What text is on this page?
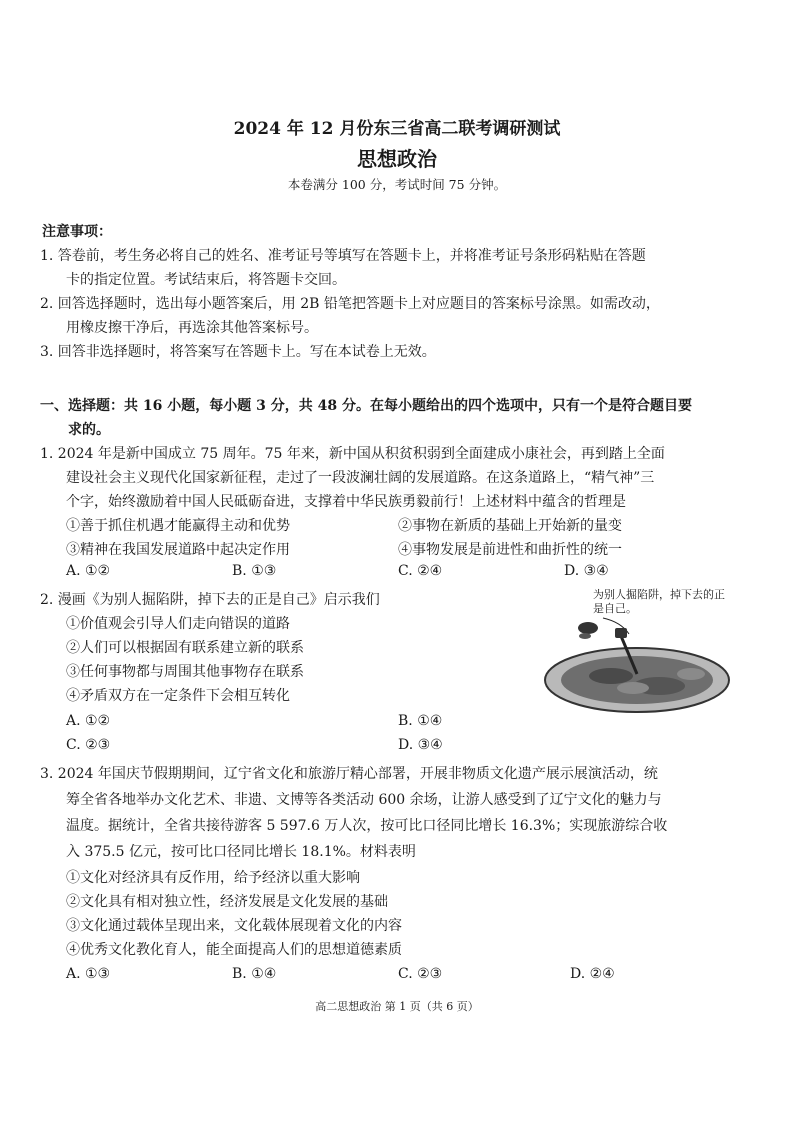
2024 年 12 月份东三省高二联考调研测试
思想政治
本卷满分 100 分，考试时间 75 分钟。
注意事项：
1. 答卷前，考生务必将自己的姓名、准考证号等填写在答题卡上，并将准考证号条形码粘贴在答题
卡的指定位置。考试结束后，将答题卡交回。
2. 回答选择题时，选出每小题答案后，用 2B 铅笔把答题卡上对应题目的答案标号涂黑。如需改动，
用橡皮擦干净后，再选涂其他答案标号。
3. 回答非选择题时，将答案写在答题卡上。写在本试卷上无效。
一、选择题：共 16 小题，每小题 3 分，共 48 分。在每小题给出的四个选项中，只有一个是符合题目要
求的。
1. 2024 年是新中国成立 75 周年。75 年来，新中国从积贫积弱到全面建成小康社会，再到踏上全面
建设社会主义现代化国家新征程，走过了一段波澜壮阔的发展道路。在这条道路上，“精气神”三
个字，始终激励着中国人民砥砺奋进，支撑着中华民族勇毅前行！上述材料中蕴含的哲理是
①善于抓住机遇才能赢得主动和优势	②事物在新质的基础上开始新的量变
③精神在我国发展道路中起决定作用	④事物发展是前进性和曲折性的统一
A. ①②	B. ①③	C. ②④	D. ③④
2. 漫画《为别人掘陷阱，掉下去的正是自己》启示我们
①价值观会引导人们走向错误的道路
②人们可以根据固有联系建立新的联系
③任何事物都与周围其他事物存在联系
④矛盾双方在一定条件下会相互转化
A. ①②	B. ①④
C. ②③	D. ③④
为别人掘陷阱，掉下去的正是自己。
3. 2024 年国庆节假期期间，辽宁省文化和旅游厅精心部署，开展非物质文化遗产展示展演活动，统
筹全省各地举办文化艺术、非遗、文博等各类活动 600 余场，让游人感受到了辽宁文化的魅力与
温度。据统计，全省共接待游客 5 597.6 万人次，按可比口径同比增长 16.3%；实现旅游综合收
入 375.5 亿元，按可比口径同比增长 18.1%。材料表明
①文化对经济具有反作用，给予经济以重大影响
②文化具有相对独立性，经济发展是文化发展的基础
③文化通过载体呈现出来，文化载体展现着文化的内容
④优秀文化教化育人，能全面提高人们的思想道德素质
A. ①③	B. ①④	C. ②③	D. ②④
高二思想政治 第 1 页（共 6 页）
